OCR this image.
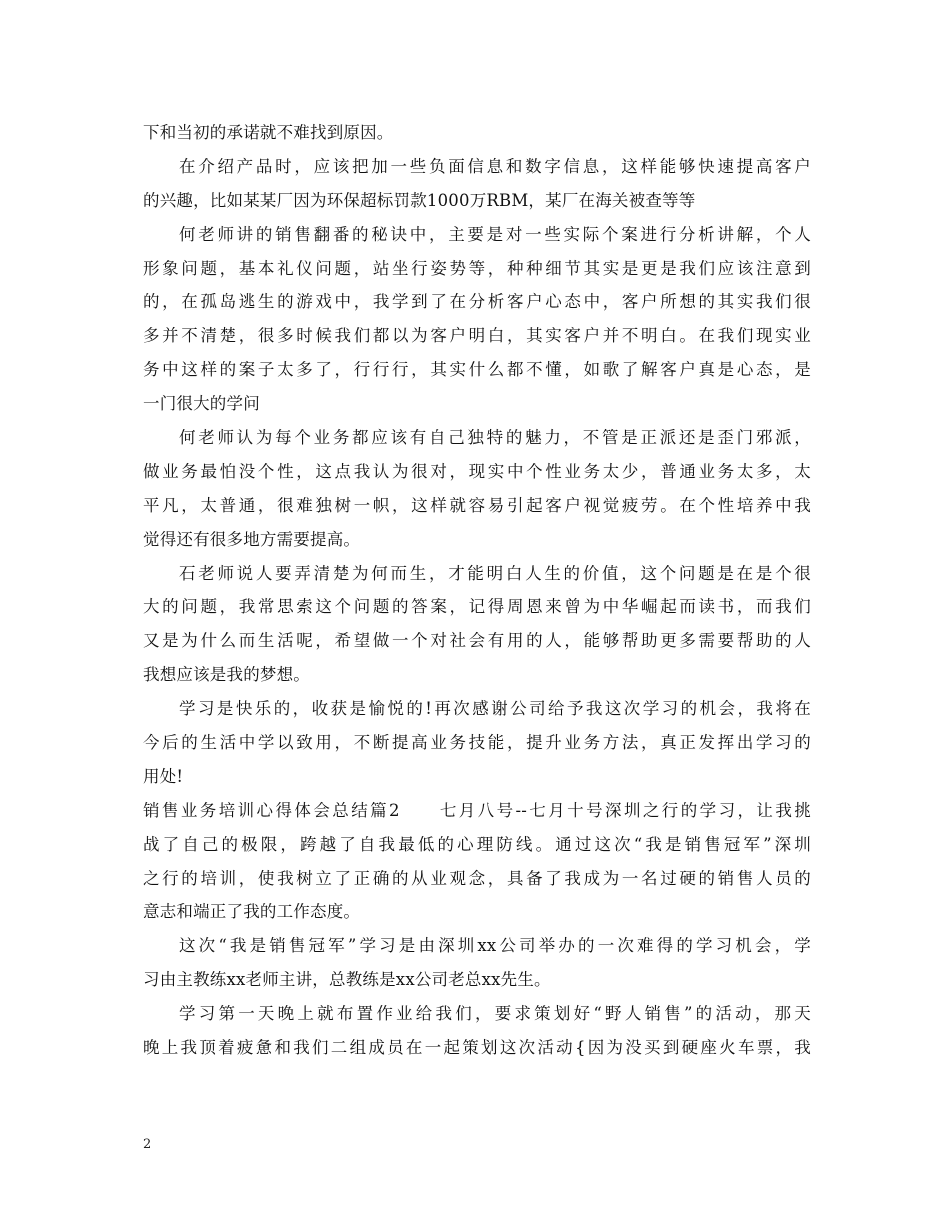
下和当初的承诺就不难找到原因。
在介绍产品时，应该把加一些负面信息和数字信息，这样能够快速提高客户
的兴趣，比如某某厂因为环保超标罚款1000万RBM，某厂在海关被查等等
何老师讲的销售翻番的秘诀中，主要是对一些实际个案进行分析讲解，个人
形象问题，基本礼仪问题，站坐行姿势等，种种细节其实是更是我们应该注意到
的，在孤岛逃生的游戏中，我学到了在分析客户心态中，客户所想的其实我们很
多并不清楚，很多时候我们都以为客户明白，其实客户并不明白。在我们现实业
务中这样的案子太多了，行行行，其实什么都不懂，如歌了解客户真是心态，是
一门很大的学问
何老师认为每个业务都应该有自己独特的魅力，不管是正派还是歪门邪派，
做业务最怕没个性，这点我认为很对，现实中个性业务太少，普通业务太多，太
平凡，太普通，很难独树一帜，这样就容易引起客户视觉疲劳。在个性培养中我
觉得还有很多地方需要提高。
石老师说人要弄清楚为何而生，才能明白人生的价值，这个问题是在是个很
大的问题，我常思索这个问题的答案，记得周恩来曾为中华崛起而读书，而我们
又是为什么而生活呢，希望做一个对社会有用的人，能够帮助更多需要帮助的人
我想应该是我的梦想。
学习是快乐的，收获是愉悦的!再次感谢公司给予我这次学习的机会，我将在
今后的生活中学以致用，不断提高业务技能，提升业务方法，真正发挥出学习的
用处!
销售业务培训心得体会总结篇2　　七月八号--七月十号深圳之行的学习，让我挑
战了自己的极限，跨越了自我最低的心理防线。通过这次“我是销售冠军”深圳
之行的培训，使我树立了正确的从业观念，具备了我成为一名过硬的销售人员的
意志和端正了我的工作态度。
这次“我是销售冠军”学习是由深圳xx公司举办的一次难得的学习机会，学
习由主教练xx老师主讲，总教练是xx公司老总xx先生。
学习第一天晚上就布置作业给我们，要求策划好“野人销售”的活动，那天
晚上我顶着疲惫和我们二组成员在一起策划这次活动{因为没买到硬座火车票，我
2
